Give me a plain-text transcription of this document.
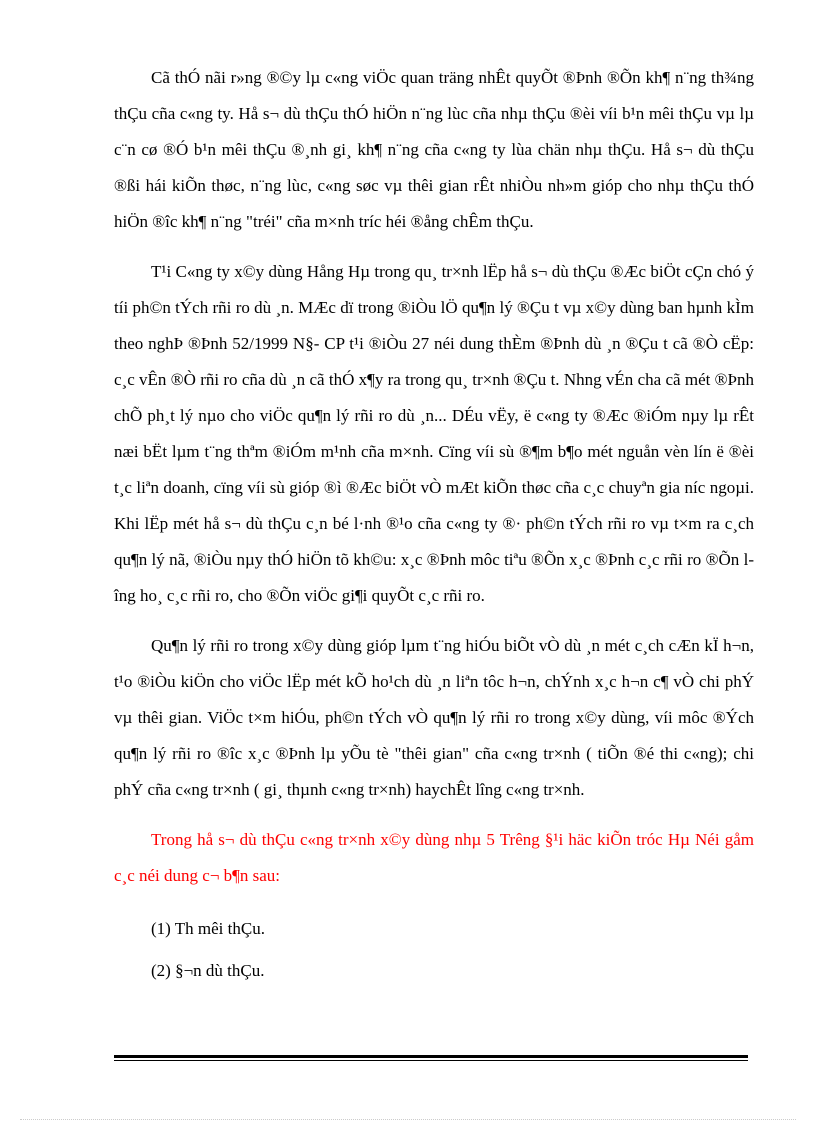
Cã thÓ nãi r»ng ®©y lµ c«ng viÖc quan träng nhÊt quyÕt ®Þnh ®Õn kh¶ n¨ng th¾ng thÇu cña c«ng ty. Hå s¬ dù thÇu thÓ hiÖn n¨ng lùc cña nhµ thÇu ®èi víi b¹n mêi thÇu vµ lµ c¨n cø ®Ó b¹n mêi thÇu ®¸nh gi¸ kh¶ n¨ng cña c«ng ty lùa chän nhµ thÇu. Hå s¬ dù thÇu ®ßi hái kiÕn thøc, n¨ng lùc, c«ng søc vµ thêi gian rÊt nhiÒu nh»m gióp cho nhµ thÇu thÓ hiÖn ®îc kh¶ n¨ng "tréi" cña m×nh tríc héi ®ång chÊm thÇu.

T¹i C«ng ty x©y dùng Hång Hµ trong qu¸ tr×nh lËp hå s¬ dù thÇu ®Æc biÖt cÇn chó ý tíi ph©n tÝch rñi ro dù ¸n. MÆc dï trong ®iÒu lÖ qu¶n lý ®Çu t vµ x©y dùng ban hµnh kÌm theo nghÞ ®Þnh 52/1999 N§- CP t¹i ®iÒu 27 néi dung thÈm ®Þnh dù ¸n ®Çu t cã ®Ò cËp: c¸c vÊn ®Ò rñi ro cña dù ¸n cã thÓ x¶y ra trong qu¸ tr×nh ®Çu t. Nhng vÉn cha cã mét ®Þnh chÕ ph¸t lý nµo cho viÖc qu¶n lý rñi ro dù ¸n... DÉu vËy, ë c«ng ty ®Æc ®iÓm nµy lµ rÊt næi bËt lµm t¨ng thªm ®iÓm m¹nh cña m×nh. Cïng víi sù ®¶m b¶o mét nguån vèn lín ë ®èi t¸c liªn doanh, cïng víi sù gióp ®ì ®Æc biÖt vÒ mÆt kiÕn thøc cña c¸c chuyªn gia níc ngoµi. Khi lËp mét hå s¬ dù thÇu c¸n bé l·nh ®¹o cña c«ng ty ®· ph©n tÝch rñi ro vµ t×m ra c¸ch qu¶n lý nã, ®iÒu nµy thÓ hiÖn tõ kh©u: x¸c ®Þnh môc tiªu ®Õn x¸c ®Þnh c¸c rñi ro ®Õn lîng ho¸ c¸c rñi ro, cho ®Õn viÖc gi¶i quyÕt c¸c rñi ro.

Qu¶n lý rñi ro trong x©y dùng gióp lµm t¨ng hiÓu biÕt vÒ dù ¸n mét c¸ch cÆn kÏ h¬n, t¹o ®iÒu kiÖn cho viÖc lËp mét kÕ ho¹ch dù ¸n liªn tôc h¬n, chÝnh x¸c h¬n c¶ vÒ chi phÝ vµ thêi gian. ViÖc t×m hiÓu, ph©n tÝch vÒ qu¶n lý rñi ro trong x©y dùng, víi môc ®Ých qu¶n lý rñi ro ®îc x¸c ®Þnh lµ yÕu tè "thêi gian" cña c«ng tr×nh ( tiÕn ®é thi c«ng); chi phÝ cña c«ng tr×nh ( gi¸ thµnh c«ng tr×nh) haychÊt lîng c«ng tr×nh.

Trong hå s¬ dù thÇu c«ng tr×nh x©y dùng nhµ 5 Trêng §¹i häc kiÕn tróc Hµ Néi gåm c¸c néi dung c¬ b¶n sau:

(1) Th mêi thÇu.

(2) §¬n dù thÇu.
